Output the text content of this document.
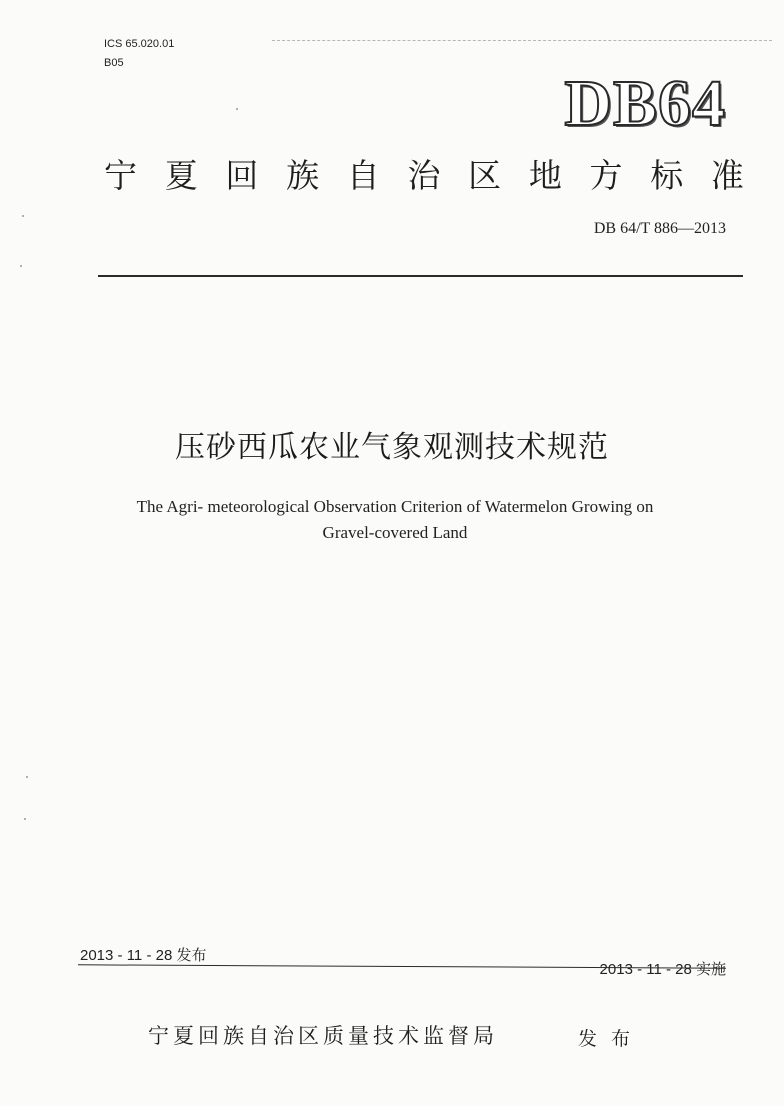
ICS 65.020.01
B05
DB64
宁 夏 回 族 自 治 区 地 方 标 准
DB 64/T 886—2013
压砂西瓜农业气象观测技术规范
The Agri- meteorological Observation Criterion of Watermelon Growing on
Gravel-covered Land
2013 - 11 - 28 发布
2013 - 11 - 28 实施
宁夏回族自治区质量技术监督局	发布
